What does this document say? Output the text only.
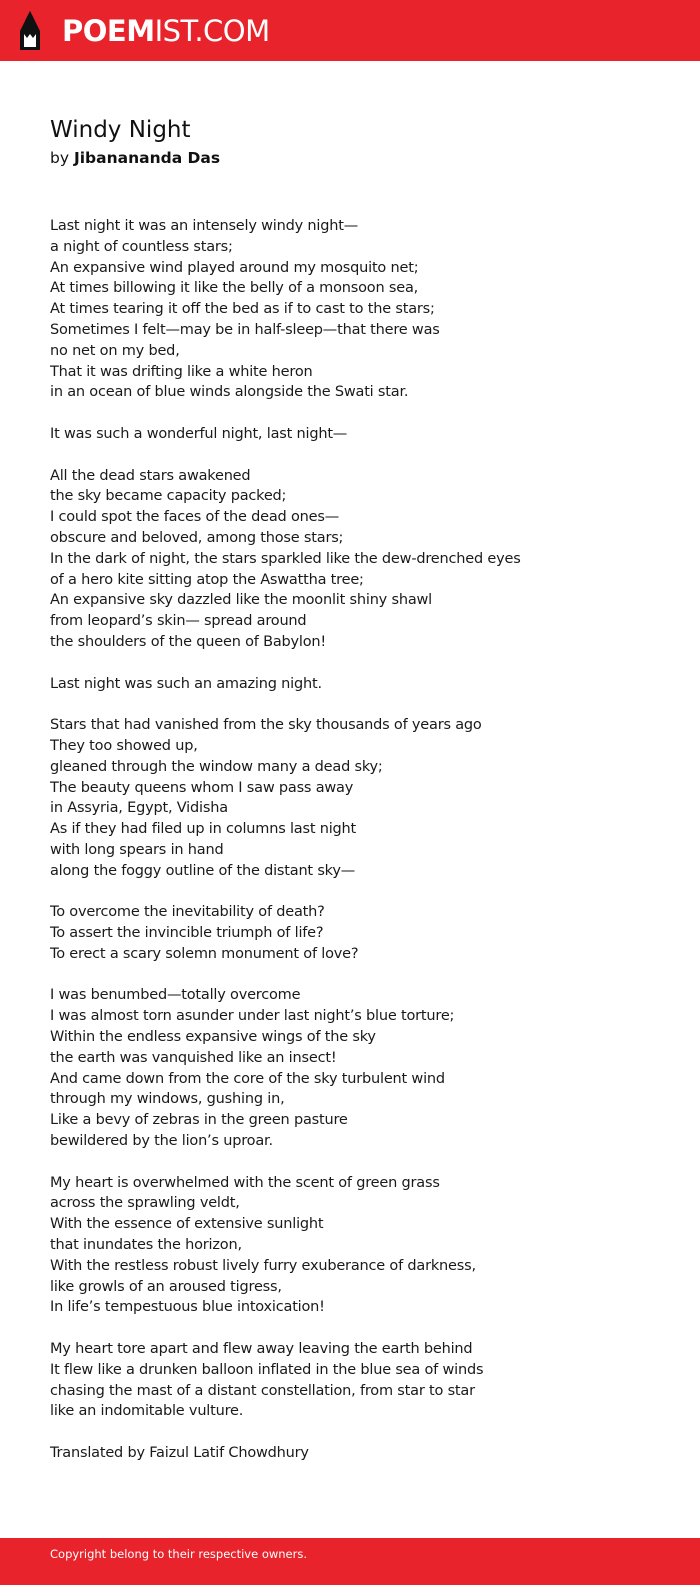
POEMIST.COM
Windy Night
by Jibanananda Das
Last night it was an intensely windy night—
a night of countless stars;
An expansive wind played around my mosquito net;
At times billowing it like the belly of a monsoon sea,
At times tearing it off the bed as if to cast to the stars;
Sometimes I felt—may be in half-sleep—that there was
no net on my bed,
That it was drifting like a white heron
in an ocean of blue winds alongside the Swati star.
It was such a wonderful night, last night—
All the dead stars awakened
the sky became capacity packed;
I could spot the faces of the dead ones—
obscure and beloved, among those stars;
In the dark of night, the stars sparkled like the dew-drenched eyes
of a hero kite sitting atop the Aswattha tree;
An expansive sky dazzled like the moonlit shiny shawl
from leopard’s skin— spread around
the shoulders of the queen of Babylon!
Last night was such an amazing night.
Stars that had vanished from the sky thousands of years ago
They too showed up,
gleaned through the window many a dead sky;
The beauty queens whom I saw pass away
in Assyria, Egypt, Vidisha
As if they had filed up in columns last night
with long spears in hand
along the foggy outline of the distant sky—
To overcome the inevitability of death?
To assert the invincible triumph of life?
To erect a scary solemn monument of love?
I was benumbed—totally overcome
I was almost torn asunder under last night’s blue torture;
Within the endless expansive wings of the sky
the earth was vanquished like an insect!
And came down from the core of the sky turbulent wind
through my windows, gushing in,
Like a bevy of zebras in the green pasture
bewildered by the lion’s uproar.
My heart is overwhelmed with the scent of green grass
across the sprawling veldt,
With the essence of extensive sunlight
that inundates the horizon,
With the restless robust lively furry exuberance of darkness,
like growls of an aroused tigress,
In life’s tempestuous blue intoxication!
My heart tore apart and flew away leaving the earth behind
It flew like a drunken balloon inflated in the blue sea of winds
chasing the mast of a distant constellation, from star to star
like an indomitable vulture.
Translated by Faizul Latif Chowdhury
Copyright belong to their respective owners.
